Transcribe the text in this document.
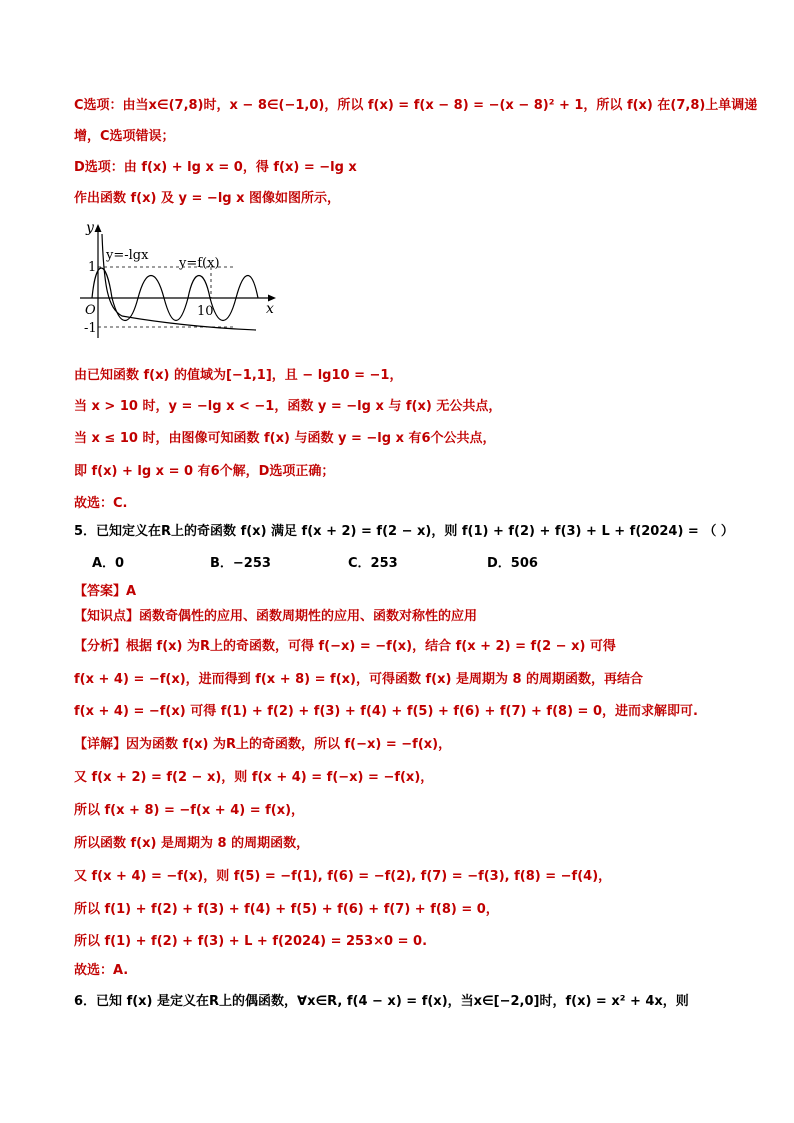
C选项：由当x∈(7,8)时，x − 8∈(−1,0)，所以 f(x) = f(x − 8) = −(x − 8)² + 1，所以 f(x) 在(7,8)上单调递
增，C选项错误；
D选项：由 f(x) + lg x = 0，得 f(x) = −lg x
作出函数 f(x) 及 y = −lg x 图像如图所示，
y
x
O
1
-1
10
y=-lgx
y=f(x)
由已知函数 f(x) 的值域为[−1,1]，且 − lg10 = −1，
当 x > 10 时，y = −lg x < −1，函数 y = −lg x 与 f(x) 无公共点，
当 x ≤ 10 时，由图像可知函数 f(x) 与函数 y = −lg x 有6个公共点，
即 f(x) + lg x = 0 有6个解，D选项正确；
故选：C.
5．已知定义在R上的奇函数 f(x) 满足 f(x + 2) = f(2 − x)，则 f(1) + f(2) + f(3) + L + f(2024) = （ ）
A．0	B．−253	C．253	D．506
【答案】A
【知识点】函数奇偶性的应用、函数周期性的应用、函数对称性的应用
【分析】根据 f(x) 为R上的奇函数，可得 f(−x) = −f(x)，结合 f(x + 2) = f(2 − x) 可得
f(x + 4) = −f(x)，进而得到 f(x + 8) = f(x)，可得函数 f(x) 是周期为 8 的周期函数，再结合
f(x + 4) = −f(x) 可得 f(1) + f(2) + f(3) + f(4) + f(5) + f(6) + f(7) + f(8) = 0，进而求解即可.
【详解】因为函数 f(x) 为R上的奇函数，所以 f(−x) = −f(x)，
又 f(x + 2) = f(2 − x)，则 f(x + 4) = f(−x) = −f(x)，
所以 f(x + 8) = −f(x + 4) = f(x)，
所以函数 f(x) 是周期为 8 的周期函数，
又 f(x + 4) = −f(x)，则 f(5) = −f(1), f(6) = −f(2), f(7) = −f(3), f(8) = −f(4)，
所以 f(1) + f(2) + f(3) + f(4) + f(5) + f(6) + f(7) + f(8) = 0，
所以 f(1) + f(2) + f(3) + L + f(2024) = 253×0 = 0.
故选：A.
6．已知 f(x) 是定义在R上的偶函数，∀x∈R, f(4 − x) = f(x)，当x∈[−2,0]时，f(x) = x² + 4x，则
